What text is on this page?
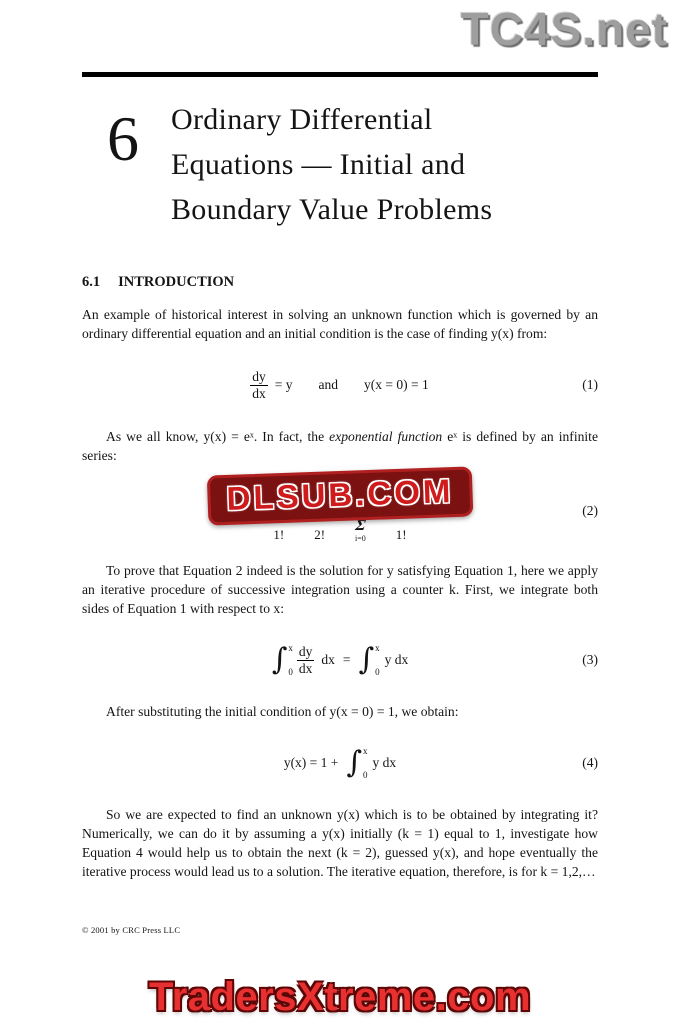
TC4S.net
6 Ordinary Differential
Equations — Initial and
Boundary Value Problems
6.1 INTRODUCTION

An example of historical interest in solving an unknown function which is governed by an ordinary differential equation and an initial condition is the case of finding y(x) from:

$\frac{dy}{dx} = y$ and y(x = 0) = 1	(1)

As we all know, y(x) = eˣ. In fact, the exponential function eˣ is defined by an infinite series:

1! 2!
Σ
i=0 1!
DLSUB.COM	(2)

To prove that Equation 2 indeed is the solution for y satisfying Equation 1, here we apply an iterative procedure of successive integration using a counter k. First, we integrate both sides of Equation 1 with respect to x:

∫ x
$0 \frac{dy}{dx}$ dx = ∫ x
0
y dx	(3)

After substituting the initial condition of y(x = 0) = 1, we obtain:

y(x) = 1 + ∫ x
0
y dx	(4)

So we are expected to find an unknown y(x) which is to be obtained by integrating it? Numerically, we can do it by assuming a y(x) initially (k = 1) equal to 1, investigate how Equation 4 would help us to obtain the next (k = 2), guessed y(x), and hope eventually the iterative process would lead us to a solution. The iterative equation, therefore, is for k = 1,2,…

© 2001 by CRC Press LLC
TradersXtreme.com
